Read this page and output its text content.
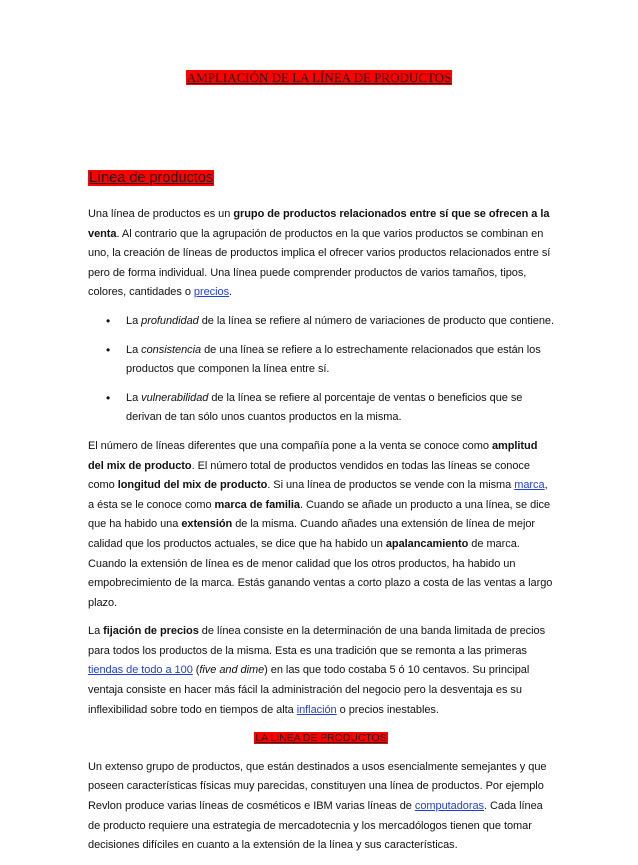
AMPLIACIÓN DE LA LÍNEA DE PRODUCTOS
Línea de productos

Una línea de productos es un grupo de productos relacionados entre sí que se ofrecen a la venta. Al contrario que la agrupación de productos en la que varios productos se combinan en uno, la creación de líneas de productos implica el ofrecer varios productos relacionados entre sí pero de forma individual. Una línea puede comprender productos de varios tamaños, tipos, colores, cantidades o precios.

• La profundidad de la línea se refiere al número de variaciones de producto que contiene.
• La consistencia de una línea se refiere a lo estrechamente relacionados que están los productos que componen la línea entre sí.
• La vulnerabilidad de la línea se refiere al porcentaje de ventas o beneficios que se derivan de tan sólo unos cuantos productos en la misma.

El número de líneas diferentes que una compañía pone a la venta se conoce como amplitud del mix de producto. El número total de productos vendidos en todas las líneas se conoce como longitud del mix de producto. Si una línea de productos se vende con la misma marca, a ésta se le conoce como marca de familia. Cuando se añade un producto a una línea, se dice que ha habido una extensión de la misma. Cuando añades una extensión de línea de mejor calidad que los productos actuales, se dice que ha habido un apalancamiento de marca. Cuando la extensión de línea es de menor calidad que los otros productos, ha habido un empobrecimiento de la marca. Estás ganando ventas a corto plazo a costa de las ventas a largo plazo.

La fijación de precios de línea consiste en la determinación de una banda limitada de precios para todos los productos de la misma. Esta es una tradición que se remonta a las primeras tiendas de todo a 100 (five and dime) en las que todo costaba 5 ó 10 centavos. Su principal ventaja consiste en hacer más fácil la administración del negocio pero la desventaja es su inflexibilidad sobre todo en tiempos de alta inflación o precios inestables.

LA LINEA DE PRODUCTOS

Un extenso grupo de productos, que están destinados a usos esencialmente semejantes y que poseen características físicas muy parecidas, constituyen una línea de productos. Por ejemplo Revlon produce varias líneas de cosméticos e IBM varias líneas de computadoras. Cada línea de producto requiere una estrategia de mercadotecnia y los mercadólogos tienen que tomar decisiones difíciles en cuanto a la extensión de la línea y sus características.
